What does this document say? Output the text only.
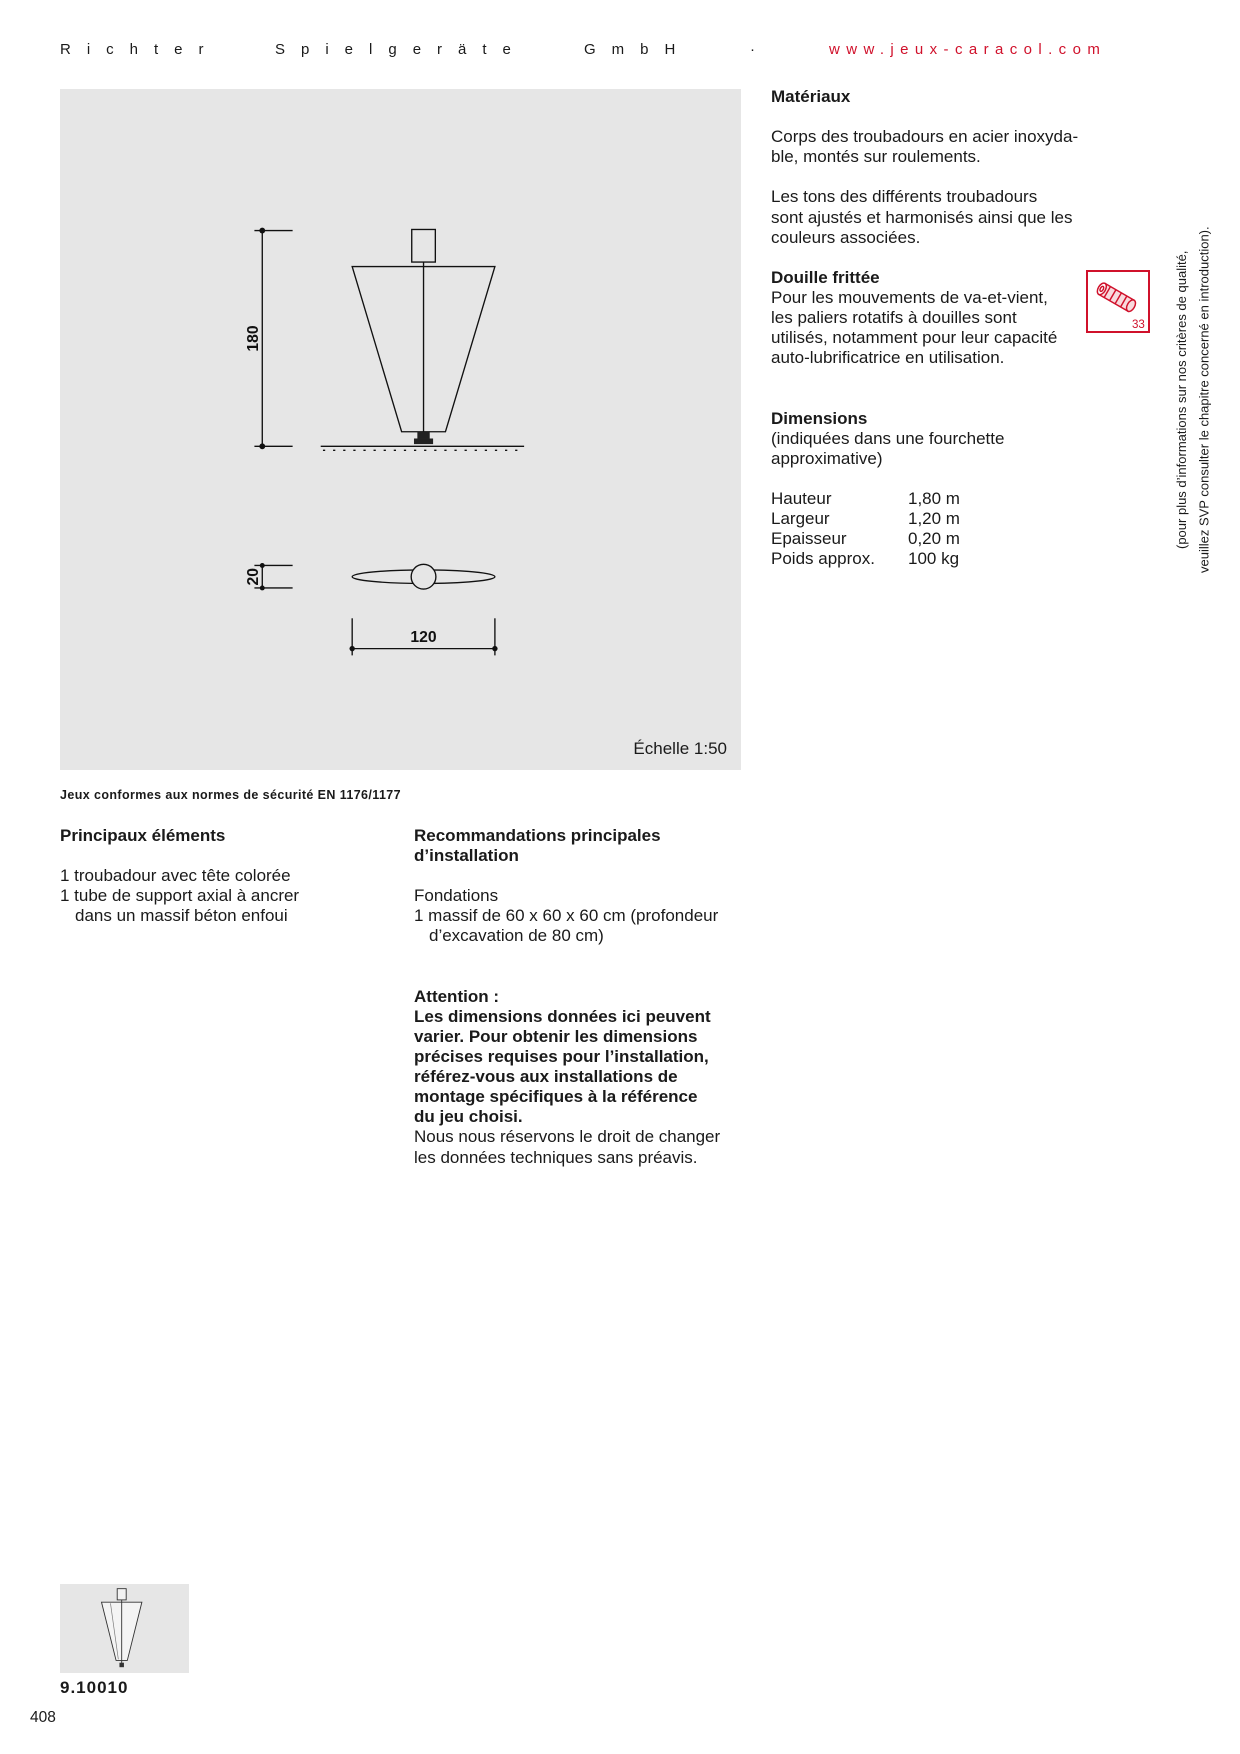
Richter	Spielgeräte	GmbH	·	www.jeux-caracol.com
180
20
120
Échelle 1:50
Jeux conformes aux normes de sécurité EN 1176/1177
Principaux éléments
1 troubadour avec tête colorée
1 tube de support axial à ancrer
dans un massif béton enfoui
Recommandations principales
d’installation
Fondations
1 massif de 60 x 60 x 60 cm (profondeur
d’excavation de 80 cm)
Attention :
Les dimensions données ici peuvent
varier. Pour obtenir les dimensions
précises requises pour l’installation,
référez-vous aux installations de
montage spécifiques à la référence
du jeu choisi.
Nous nous réservons le droit de changer
les données techniques sans préavis.
Matériaux
Corps des troubadours en acier inoxyda-
ble, montés sur roulements.
Les tons des différents troubadours
sont ajustés et harmonisés ainsi que les
couleurs associées.
Douille frittée
Pour les mouvements de va-et-vient,
les paliers rotatifs à douilles sont
utilisés, notamment pour leur capacité
auto-lubrificatrice en utilisation.
Dimensions
(indiquées dans une fourchette
approximative)
Hauteur	1,80 m
Largeur	1,20 m
Epaisseur	0,20 m
Poids approx.	100 kg
33 (pour plus d’informations sur nos critères de qualité, veuillez SVP consulter le chapitre concerné en introduction).
9.10010
408
